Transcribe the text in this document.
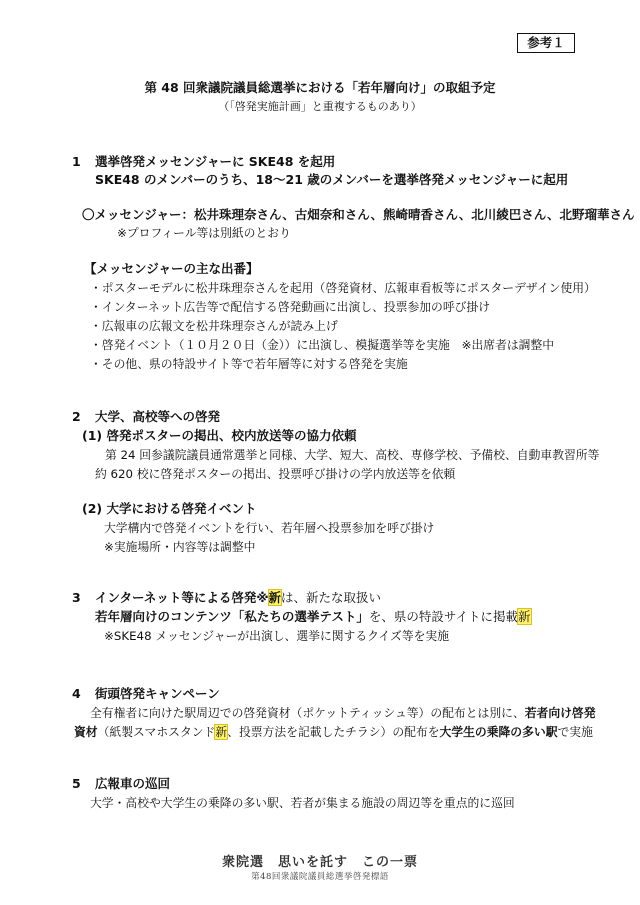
参考１
第 48 回衆議院議員総選挙における「若年層向け」の取組予定
（「啓発実施計画」と重複するものあり）
1 選挙啓発メッセンジャーに SKE48 を起用
SKE48 のメンバーのうち、18～21 歳のメンバーを選挙啓発メッセンジャーに起用
〇メッセンジャー：松井珠理奈さん、古畑奈和さん、熊崎晴香さん、北川綾巴さん、北野瑠華さん
※プロフィール等は別紙のとおり
【メッセンジャーの主な出番】
・ポスターモデルに松井珠理奈さんを起用（啓発資材、広報車看板等にポスターデザイン使用）
・インターネット広告等で配信する啓発動画に出演し、投票参加の呼び掛け
・広報車の広報文を松井珠理奈さんが読み上げ
・啓発イベント（１０月２０日（金））に出演し、模擬選挙等を実施　※出席者は調整中
・その他、県の特設サイト等で若年層等に対する啓発を実施
2 大学、高校等への啓発
(1) 啓発ポスターの掲出、校内放送等の協力依頼
第 24 回参議院議員通常選挙と同様、大学、短大、高校、専修学校、予備校、自動車教習所等
約 620 校に啓発ポスターの掲出、投票呼び掛けの学内放送等を依頼
(2) 大学における啓発イベント
大学構内で啓発イベントを行い、若年層へ投票参加を呼び掛け
※実施場所・内容等は調整中
3 インターネット等による啓発※新は、新たな取扱い
若年層向けのコンテンツ「私たちの選挙テスト」を、県の特設サイトに掲載新
※SKE48 メッセンジャーが出演し、選挙に関するクイズ等を実施
4 街頭啓発キャンペーン
全有権者に向けた駅周辺での啓発資材（ポケットティッシュ等）の配布とは別に、若者向け啓発
資材（紙製スマホスタンド新、投票方法を記載したチラシ）の配布を大学生の乗降の多い駅で実施
5 広報車の巡回
大学・高校や大学生の乗降の多い駅、若者が集まる施設の周辺等を重点的に巡回
衆院選　思いを託す　この一票
第48回衆議院議員総選挙啓発標語
